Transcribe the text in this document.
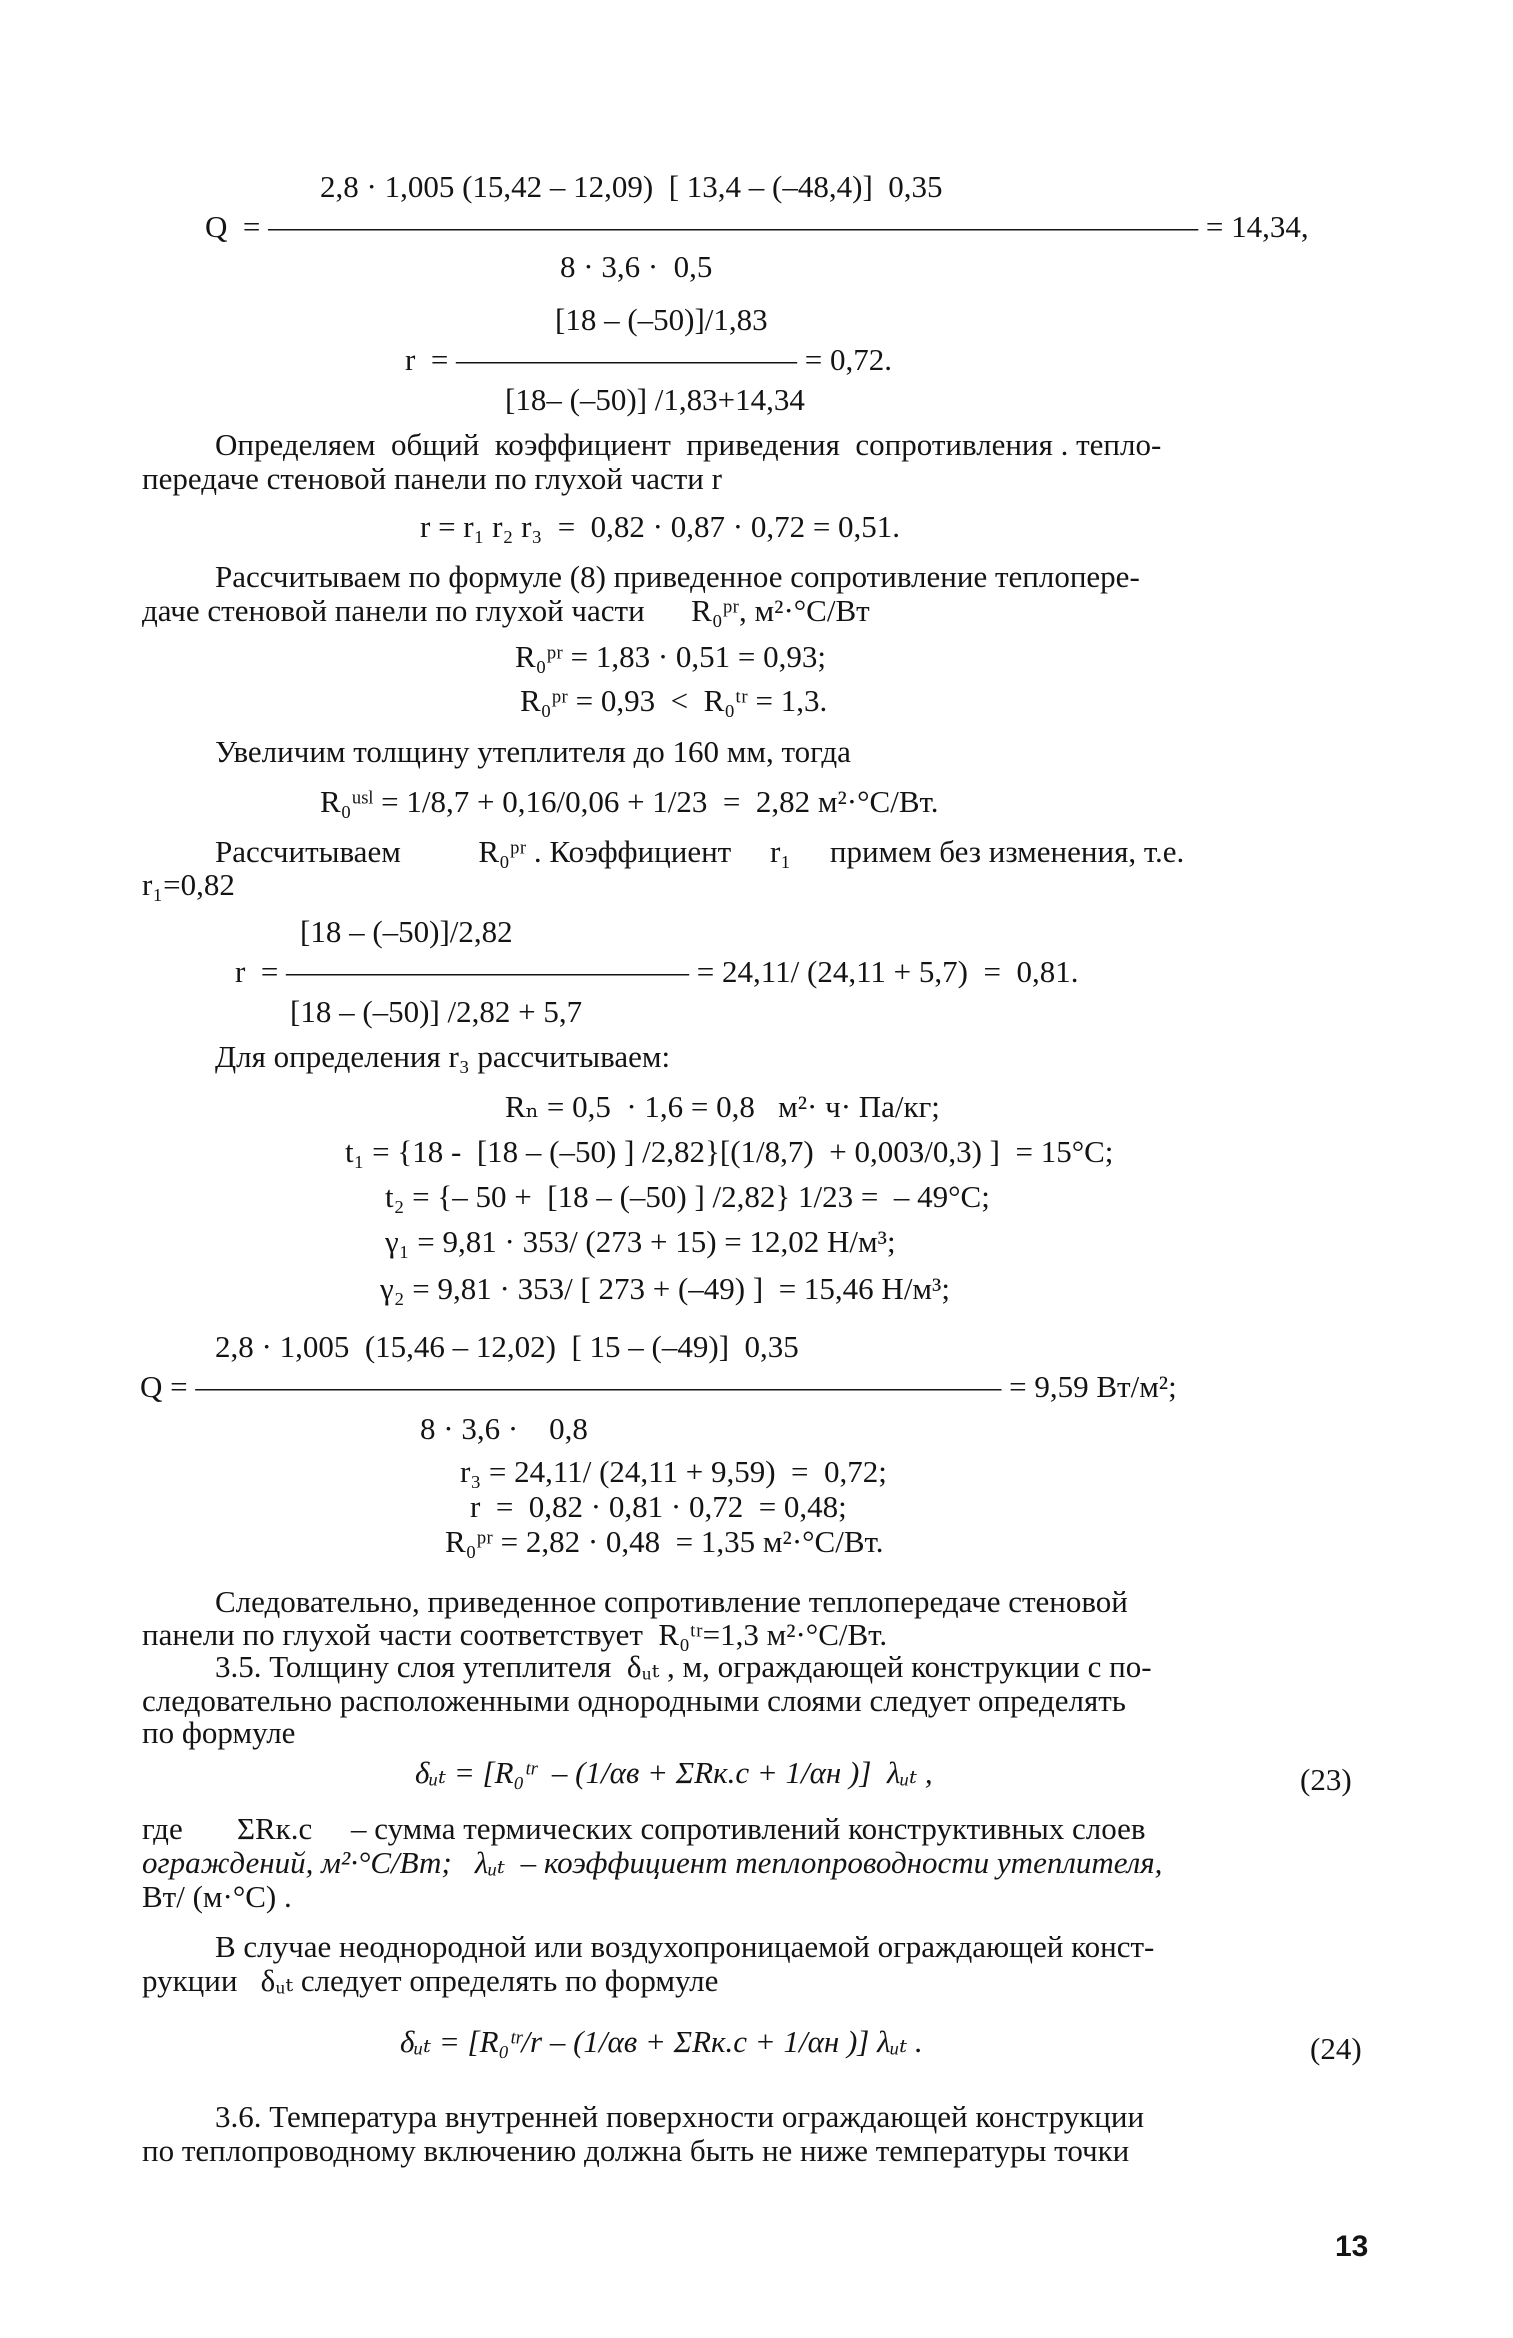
2,8 · 1,005 (15,42 – 12,09)  [ 13,4 – (–48,4)]  0,35
Q  = —————————————————————————————— = 14,34,
8 · 3,6 ·  0,5
[18 – (–50)]/1,83
r  = ——————————— = 0,72.
[18– (–50)] /1,83+14,34
Определяем  общий  коэффициент  приведения  сопротивления . тепло-
передаче стеновой панели по глухой части r
r = r₁ r₂ r₃  =  0,82 · 0,87 · 0,72 = 0,51.
Рассчитываем по формуле (8) приведенное сопротивление теплопере-
даче стеновой панели по глухой части      R₀ᵖʳ, м²·°С/Вт
R₀ᵖʳ = 1,83 · 0,51 = 0,93;
R₀ᵖʳ = 0,93  <  R₀ᵗʳ = 1,3.
Увеличим толщину утеплителя до 160 мм, тогда
R₀ᵘˢˡ = 1/8,7 + 0,16/0,06 + 1/23  =  2,82 м²·°С/Вт.
Рассчитываем          R₀ᵖʳ . Коэффициент     r₁     примем без изменения, т.е.
r₁=0,82
[18 – (–50)]/2,82
r  = ————————————— = 24,11/ (24,11 + 5,7)  =  0,81.
[18 – (–50)] /2,82 + 5,7
Для определения r₃ рассчитываем:
Rₙ = 0,5  · 1,6 = 0,8   м²· ч· Па/кг;
t₁ = {18 -  [18 – (–50) ] /2,82}[(1/8,7)  + 0,003/0,3) ]  = 15°С;
t₂ = {– 50 +  [18 – (–50) ] /2,82} 1/23 =  – 49°С;
γ₁ = 9,81 · 353/ (273 + 15) = 12,02 Н/м³;
γ₂ = 9,81 · 353/ [ 273 + (–49) ]  = 15,46 Н/м³;
2,8 · 1,005  (15,46 – 12,02)  [ 15 – (–49)]  0,35
Q = —————————————————————————— = 9,59 Вт/м²;
8 · 3,6 ·    0,8
r₃ = 24,11/ (24,11 + 9,59)  =  0,72;
r  =  0,82 · 0,81 · 0,72  = 0,48;
R₀ᵖʳ = 2,82 · 0,48  = 1,35 м²·°С/Вт.
Следовательно, приведенное сопротивление теплопередаче стеновой
панели по глухой части соответствует  R₀ᵗʳ=1,3 м²·°С/Вт.
3.5. Толщину слоя утеплителя  δᵤₜ , м, ограждающей конструкции с по-
следовательно расположенными однородными слоями следует определять
по формуле
δᵤₜ = [R₀ᵗʳ  – (1/αв + ΣRк.с + 1/αн )]  λᵤₜ ,
где       ΣRк.с     – сумма термических сопротивлений конструктивных слоев
ограждений, м²·°С/Вт;   λᵤₜ  – коэффициент теплопроводности утеплителя,
Вт/ (м·°С) .
В случае неоднородной или воздухопроницаемой ограждающей конст-
рукции   δᵤₜ следует определять по формуле
δᵤₜ = [R₀ᵗʳ/r – (1/αв + ΣRк.с + 1/αн )] λᵤₜ .
3.6. Температура внутренней поверхности ограждающей конструкции
по теплопроводному включению должна быть не ниже температуры точки
(23)
(24)
13
